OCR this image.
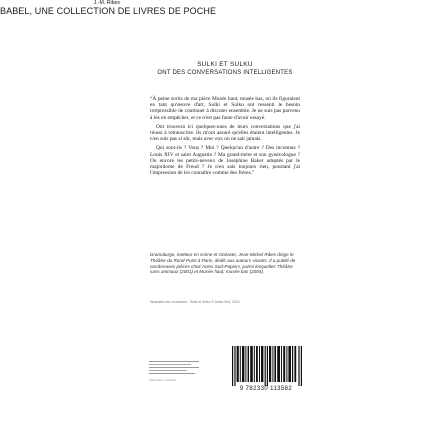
BABEL, UNE COLLECTION DE LIVRES DE POCHE
SULKI ET SULKU
ONT DES CONVERSATIONS INTELLIGENTES

“À peine sortis de ma pièce Musée haut, musée bas, où ils figuraient en tant qu'œuvre d'art, Sulki et Sulku ont ressenti le besoin irrépressible de continuer à discuter ensemble. Je ne suis pas parvenu à les en empêcher, et ce n'est pas faute d'avoir essayé.

Ont trouvera ici quelques-unes de leurs conversations que j'ai réussi à retranscrire. Ils m'ont assuré qu'elles étaient intelligentes. Je n'en suis pas si sûr, mais avec eux on ne sait jamais.

Qui sont-ils ? Vous ? Moi ? Quelqu'un d'autre ? Des inconnus ? Louis XIV et saint Augustin ? Ma grand-mère et son gynécologue ? Ou encore les petits-neveux de Joséphine Baker adoptés par le majordome de Freud ? Je n'en sais toujours rien, pourtant j'ai l'impression de les connaître comme des frères.”

J.-M. Ribes
Dramaturge, metteur en scène et cinéaste, Jean-Michel Ribes dirige le Théâtre du Rond-Point à Paris, dédié aux auteurs vivants. Il a publié de nombreuses pièces chez Actes Sud-Papiers, parmi lesquelles Théâtre sans animaux (2001) et Musée haut, musée bas (2004).
Illustration de couverture : Sulki et Sulku © Actes Sud, 2010
Actes Sud · Leméac
9 782330 113582
